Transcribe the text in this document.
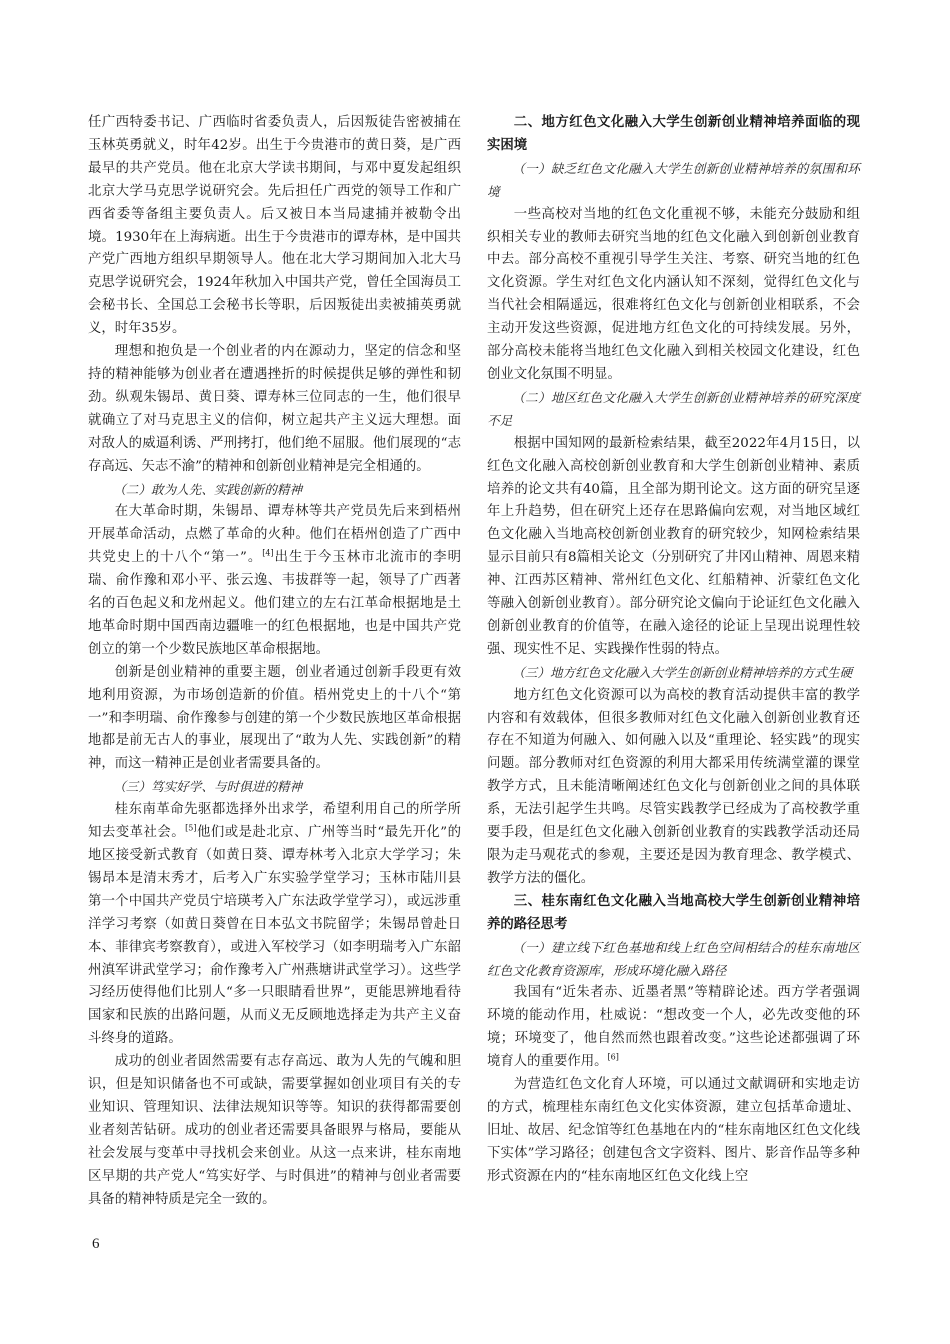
任广西特委书记、广西临时省委负责人，后因叛徒告密被捕在玉林英勇就义，时年42岁。出生于今贵港市的黄日葵，是广西最早的共产党员。他在北京大学读书期间，与邓中夏发起组织北京大学马克思学说研究会。先后担任广西党的领导工作和广西省委等备组主要负责人。后又被日本当局逮捕并被勒令出境。1930年在上海病逝。出生于今贵港市的谭寿林，是中国共产党广西地方组织早期领导人。他在北大学习期间加入北大马克思学说研究会，1924年秋加入中国共产党，曾任全国海员工会秘书长、全国总工会秘书长等职，后因叛徒出卖被捕英勇就义，时年35岁。

理想和抱负是一个创业者的内在源动力，坚定的信念和坚持的精神能够为创业者在遭遇挫折的时候提供足够的弹性和韧劲。纵观朱锡昂、黄日葵、谭寿林三位同志的一生，他们很早就确立了对马克思主义的信仰，树立起共产主义远大理想。面对敌人的威逼利诱、严刑拷打，他们绝不屈服。他们展现的“志存高远、矢志不渝”的精神和创新创业精神是完全相通的。

（二）敢为人先、实践创新的精神

在大革命时期，朱锡昂、谭寿林等共产党员先后来到梧州开展革命活动，点燃了革命的火种。他们在梧州创造了广西中共党史上的十八个“第一”。[4]出生于今玉林市北流市的李明瑞、俞作豫和邓小平、张云逸、韦拔群等一起，领导了广西著名的百色起义和龙州起义。他们建立的左右江革命根据地是土地革命时期中国西南边疆唯一的红色根据地，也是中国共产党创立的第一个少数民族地区革命根据地。

创新是创业精神的重要主题，创业者通过创新手段更有效地利用资源，为市场创造新的价值。梧州党史上的十八个“第一”和李明瑞、俞作豫参与创建的第一个少数民族地区革命根据地都是前无古人的事业，展现出了“敢为人先、实践创新”的精神，而这一精神正是创业者需要具备的。

（三）笃实好学、与时俱进的精神

桂东南革命先驱都选择外出求学，希望利用自己的所学所知去变革社会。[5]他们或是赴北京、广州等当时“最先开化”的地区接受新式教育（如黄日葵、谭寿林考入北京大学学习；朱锡昂本是清末秀才，后考入广东实验学堂学习；玉林市陆川县第一个中国共产党员宁培瑛考入广东法政学堂学习），或远涉重洋学习考察（如黄日葵曾在日本弘文书院留学；朱锡昂曾赴日本、菲律宾考察教育），或进入军校学习（如李明瑞考入广东韶州滇军讲武堂学习；俞作豫考入广州燕塘讲武堂学习）。这些学习经历使得他们比别人“多一只眼睛看世界”，更能思辨地看待国家和民族的出路问题，从而义无反顾地选择走为共产主义奋斗终身的道路。

成功的创业者固然需要有志存高远、敢为人先的气魄和胆识，但是知识储备也不可或缺，需要掌握如创业项目有关的专业知识、管理知识、法律法规知识等等。知识的获得都需要创业者刻苦钻研。成功的创业者还需要具备眼界与格局，要能从社会发展与变革中寻找机会来创业。从这一点来讲，桂东南地区早期的共产党人“笃实好学、与时俱进”的精神与创业者需要具备的精神特质是完全一致的。

二、地方红色文化融入大学生创新创业精神培养面临的现实困境

（一）缺乏红色文化融入大学生创新创业精神培养的氛围和环境

一些高校对当地的红色文化重视不够，未能充分鼓励和组织相关专业的教师去研究当地的红色文化融入到创新创业教育中去。部分高校不重视引导学生关注、考察、研究当地的红色文化资源。学生对红色文化内涵认知不深刻，觉得红色文化与当代社会相隔遥远，很难将红色文化与创新创业相联系，不会主动开发这些资源，促进地方红色文化的可持续发展。另外，部分高校未能将当地红色文化融入到相关校园文化建设，红色创业文化氛围不明显。

（二）地区红色文化融入大学生创新创业精神培养的研究深度不足

根据中国知网的最新检索结果，截至2022年4月15日，以红色文化融入高校创新创业教育和大学生创新创业精神、素质培养的论文共有40篇，且全部为期刊论文。这方面的研究呈逐年上升趋势，但在研究上还存在思路偏向宏观，对当地区域红色文化融入当地高校创新创业教育的研究较少，知网检索结果显示目前只有8篇相关论文（分别研究了井冈山精神、周恩来精神、江西苏区精神、常州红色文化、红船精神、沂蒙红色文化等融入创新创业教育）。部分研究论文偏向于论证红色文化融入创新创业教育的价值等，在融入途径的论证上呈现出说理性较强、现实性不足、实践操作性弱的特点。

（三）地方红色文化融入大学生创新创业精神培养的方式生硬

地方红色文化资源可以为高校的教育活动提供丰富的教学内容和有效载体，但很多教师对红色文化融入创新创业教育还存在不知道为何融入、如何融入以及“重理论、轻实践”的现实问题。部分教师对红色资源的利用大都采用传统满堂灌的课堂教学方式，且未能清晰阐述红色文化与创新创业之间的具体联系，无法引起学生共鸣。尽管实践教学已经成为了高校教学重要手段，但是红色文化融入创新创业教育的实践教学活动还局限为走马观花式的参观，主要还是因为教育理念、教学模式、教学方法的僵化。

三、桂东南红色文化融入当地高校大学生创新创业精神培养的路径思考

（一）建立线下红色基地和线上红色空间相结合的桂东南地区红色文化教育资源库，形成环境化融入路径

我国有“近朱者赤、近墨者黑”等精辟论述。西方学者强调环境的能动作用，杜威说：“想改变一个人，必先改变他的环境；环境变了，他自然而然也跟着改变。”这些论述都强调了环境育人的重要作用。[6]

为营造红色文化育人环境，可以通过文献调研和实地走访的方式，梳理桂东南红色文化实体资源，建立包括革命遗址、旧址、故居、纪念馆等红色基地在内的“桂东南地区红色文化线下实体”学习路径；创建包含文字资料、图片、影音作品等多种形式资源在内的“桂东南地区红色文化线上空

6
